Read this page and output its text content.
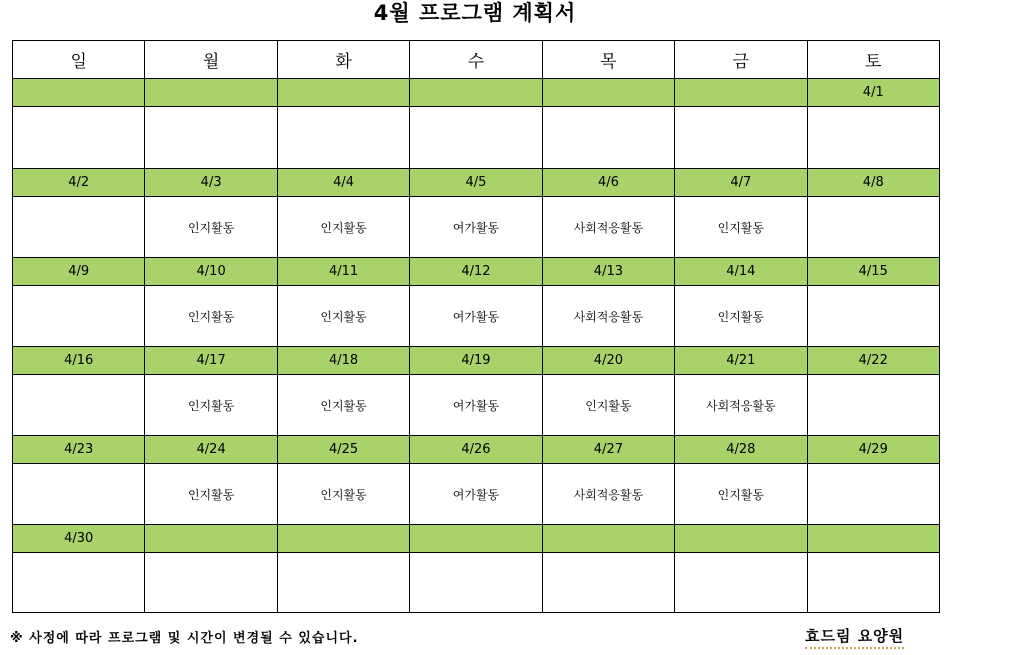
4월 프로그램 계획서
일	월	화	수	목	금	토
						4/1

4/2	4/3	4/4	4/5	4/6	4/7	4/8
	인지활동	인지활동	여가활동	사회적응활동	인지활동	
4/9	4/10	4/11	4/12	4/13	4/14	4/15
	인지활동	인지활동	여가활동	사회적응활동	인지활동	
4/16	4/17	4/18	4/19	4/20	4/21	4/22
	인지활동	인지활동	여가활동	인지활동	사회적응활동	
4/23	4/24	4/25	4/26	4/27	4/28	4/29
	인지활동	인지활동	여가활동	사회적응활동	인지활동	
4/30						

※ 사정에 따라 프로그램 및 시간이 변경될 수 있습니다.	효드림 요양원
